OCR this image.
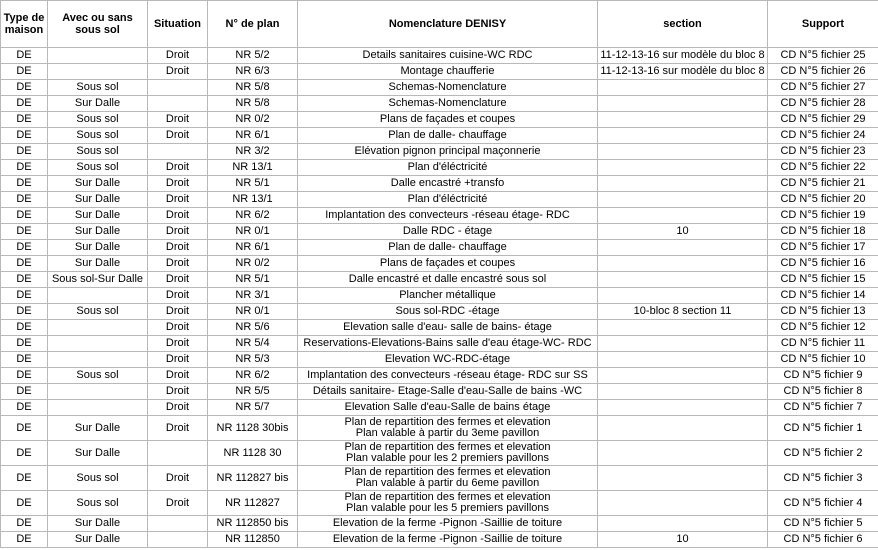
Type de maison	Avec ou sans sous sol	Situation	N° de plan	Nomenclature DENISY	section	Support
DE		Droit	NR 5/2	Details sanitaires cuisine-WC RDC	11-12-13-16 sur modèle du bloc 8	CD N°5 fichier 25
DE		Droit	NR 6/3	Montage chaufferie	11-12-13-16 sur modèle du bloc 8	CD N°5 fichier 26
DE	Sous sol		NR 5/8	Schemas-Nomenclature		CD N°5 fichier 27
DE	Sur Dalle		NR 5/8	Schemas-Nomenclature		CD N°5 fichier 28
DE	Sous sol	Droit	NR 0/2	Plans de façades et coupes		CD N°5 fichier 29
DE	Sous sol	Droit	NR 6/1	Plan de dalle- chauffage		CD N°5 fichier 24
DE	Sous sol		NR 3/2	Elévation pignon principal maçonnerie		CD N°5 fichier 23
DE	Sous sol	Droit	NR 13/1	Plan d'éléctricité		CD N°5 fichier 22
DE	Sur Dalle	Droit	NR 5/1	Dalle encastré +transfo		CD N°5 fichier 21
DE	Sur Dalle	Droit	NR 13/1	Plan d'éléctricité		CD N°5 fichier 20
DE	Sur Dalle	Droit	NR 6/2	Implantation des convecteurs -réseau étage- RDC		CD N°5 fichier 19
DE	Sur Dalle	Droit	NR 0/1	Dalle RDC - étage	10	CD N°5 fichier 18
DE	Sur Dalle	Droit	NR 6/1	Plan de dalle- chauffage		CD N°5 fichier 17
DE	Sur Dalle	Droit	NR 0/2	Plans de façades et coupes		CD N°5 fichier 16
DE	Sous sol-Sur Dalle	Droit	NR 5/1	Dalle encastré et dalle encastré sous sol		CD N°5 fichier 15
DE		Droit	NR 3/1	Plancher métallique		CD N°5 fichier 14
DE	Sous sol	Droit	NR 0/1	Sous sol-RDC -étage	10-bloc 8 section 11	CD N°5 fichier 13
DE		Droit	NR 5/6	Elevation salle d'eau- salle de bains- étage		CD N°5 fichier 12
DE		Droit	NR 5/4	Reservations-Elevations-Bains salle d'eau étage-WC- RDC		CD N°5 fichier 11
DE		Droit	NR 5/3	Elevation WC-RDC-étage		CD N°5 fichier 10
DE	Sous sol	Droit	NR 6/2	Implantation des convecteurs -réseau étage- RDC sur SS		CD N°5 fichier 9
DE		Droit	NR 5/5	Détails sanitaire- Etage-Salle d'eau-Salle de bains -WC		CD N°5 fichier 8
DE		Droit	NR 5/7	Elevation Salle d'eau-Salle de bains étage		CD N°5 fichier 7
DE	Sur Dalle	Droit	NR 1128 30bis	Plan de repartition des fermes et elevation
Plan valable à partir du 3eme pavillon		CD N°5 fichier 1
DE	Sur Dalle		NR 1128 30	Plan de repartition des fermes et elevation
Plan valable pour les 2 premiers pavillons		CD N°5 fichier 2
DE	Sous sol	Droit	NR 112827 bis	Plan de repartition des fermes et elevation
Plan valable à partir du 6eme pavillon		CD N°5 fichier 3
DE	Sous sol	Droit	NR 112827	Plan de repartition des fermes et elevation
Plan valable pour les 5 premiers pavillons		CD N°5 fichier 4
DE	Sur Dalle		NR 112850 bis	Elevation de la ferme -Pignon -Saillie de toiture		CD N°5 fichier 5
DE	Sur Dalle		NR 112850	Elevation de la ferme -Pignon -Saillie de toiture	10	CD N°5 fichier 6
